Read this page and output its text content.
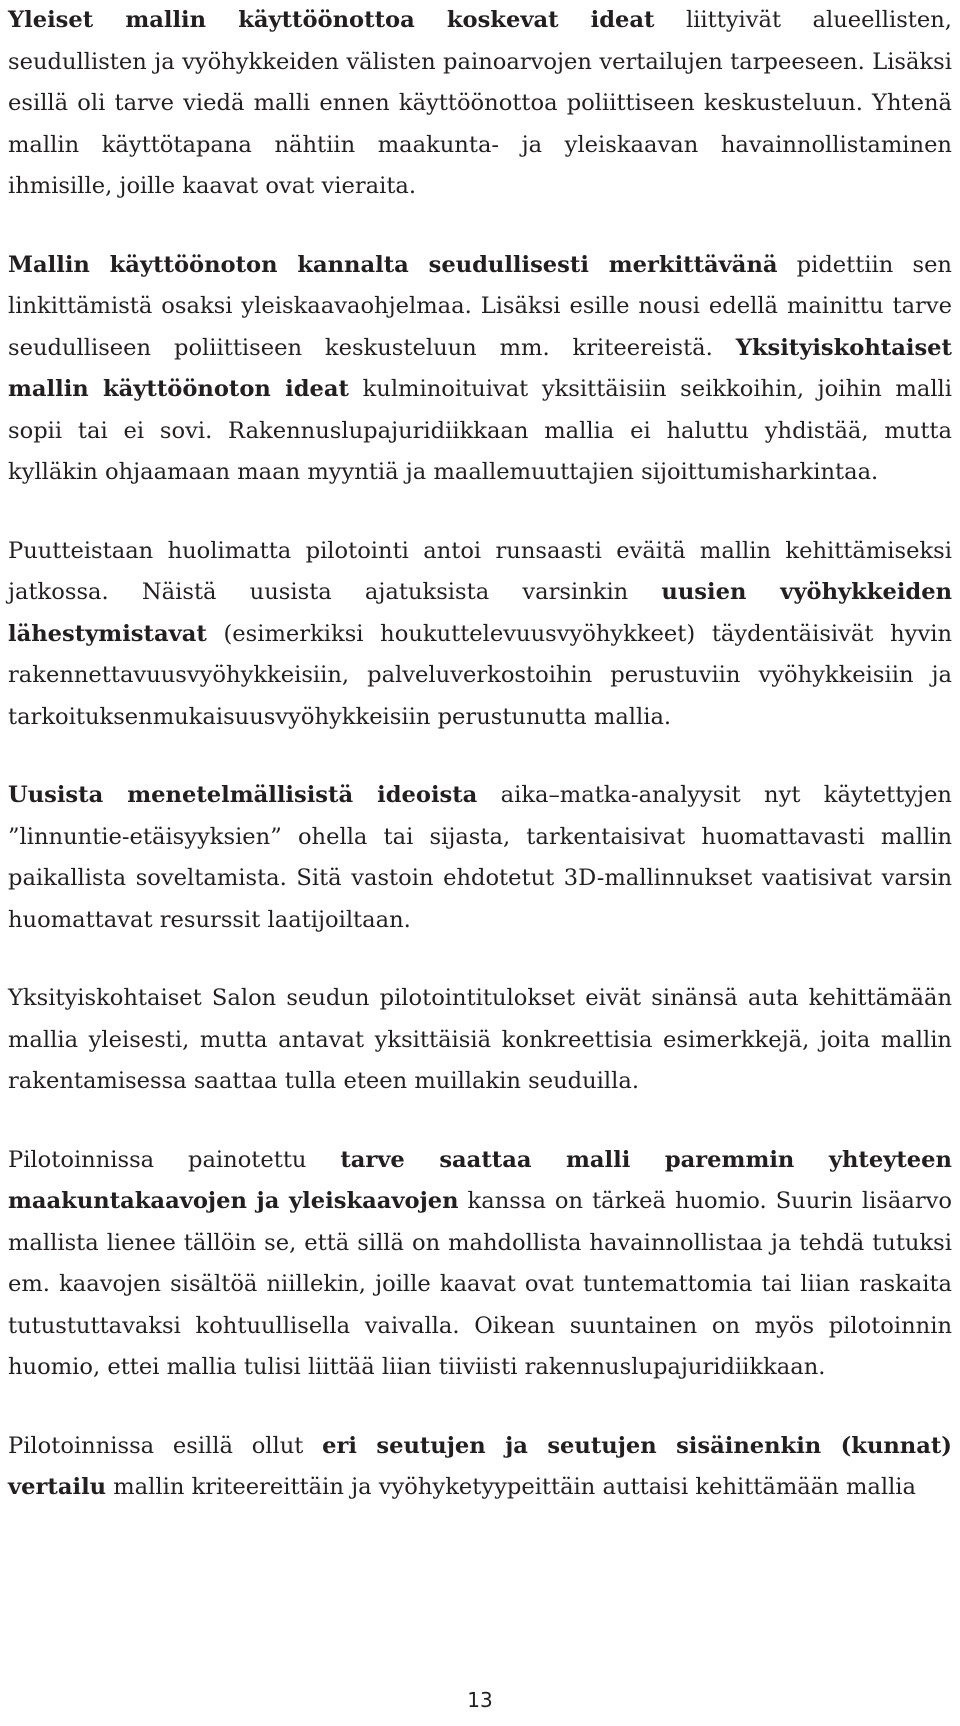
Yleiset mallin käyttöönottoa koskevat ideat liittyivät alueellisten, seudullisten ja vyöhykkeiden välisten painoarvojen vertailujen tarpeeseen. Lisäksi esillä oli tarve viedä malli ennen käyttöönottoa poliittiseen keskusteluun. Yhtenä mallin käyttötapana nähtiin maakunta- ja yleiskaavan havainnollistaminen ihmisille, joille kaavat ovat vieraita.

Mallin käyttöönoton kannalta seudullisesti merkittävänä pidettiin sen linkittämistä osaksi yleiskaavaohjelmaa. Lisäksi esille nousi edellä mainittu tarve seudulliseen poliittiseen keskusteluun mm. kriteereistä. Yksityiskohtaiset mallin käyttöönoton ideat kulminoituivat yksittäisiin seikkoihin, joihin malli sopii tai ei sovi. Rakennuslupajuridiikkaan mallia ei haluttu yhdistää, mutta kylläkin ohjaamaan maan myyntiä ja maallemuuttajien sijoittumisharkintaa.

Puutteistaan huolimatta pilotointi antoi runsaasti eväitä mallin kehittämiseksi jatkossa. Näistä uusista ajatuksista varsinkin uusien vyöhykkeiden lähestymistavat (esimerkiksi houkuttelevuusvyöhykkeet) täydentäisivät hyvin rakennettavuusvyöhykkeisiin, palveluverkostoihin perustuviin vyöhykkeisiin ja tarkoituksenmukaisuusvyöhykkeisiin perustunutta mallia.

Uusista menetelmällisistä ideoista aika–matka-analyysit nyt käytettyjen ”linnuntie-etäisyyksien” ohella tai sijasta, tarkentaisivat huomattavasti mallin paikallista soveltamista. Sitä vastoin ehdotetut 3D-mallinnukset vaatisivat varsin huomattavat resurssit laatijoiltaan.

Yksityiskohtaiset Salon seudun pilotointitulokset eivät sinänsä auta kehittämään mallia yleisesti, mutta antavat yksittäisiä konkreettisia esimerkkejä, joita mallin rakentamisessa saattaa tulla eteen muillakin seuduilla.

Pilotoinnissa painotettu tarve saattaa malli paremmin yhteyteen maakuntakaavojen ja yleiskaavojen kanssa on tärkeä huomio. Suurin lisäarvo mallista lienee tällöin se, että sillä on mahdollista havainnollistaa ja tehdä tutuksi em. kaavojen sisältöä niillekin, joille kaavat ovat tuntemattomia tai liian raskaita tutustuttavaksi kohtuullisella vaivalla. Oikean suuntainen on myös pilotoinnin huomio, ettei mallia tulisi liittää liian tiiviisti rakennuslupajuridiikkaan.

Pilotoinnissa esillä ollut eri seutujen ja seutujen sisäinenkin (kunnat) vertailu mallin kriteereittäin ja vyöhyketyypeittäin auttaisi kehittämään mallia

13
